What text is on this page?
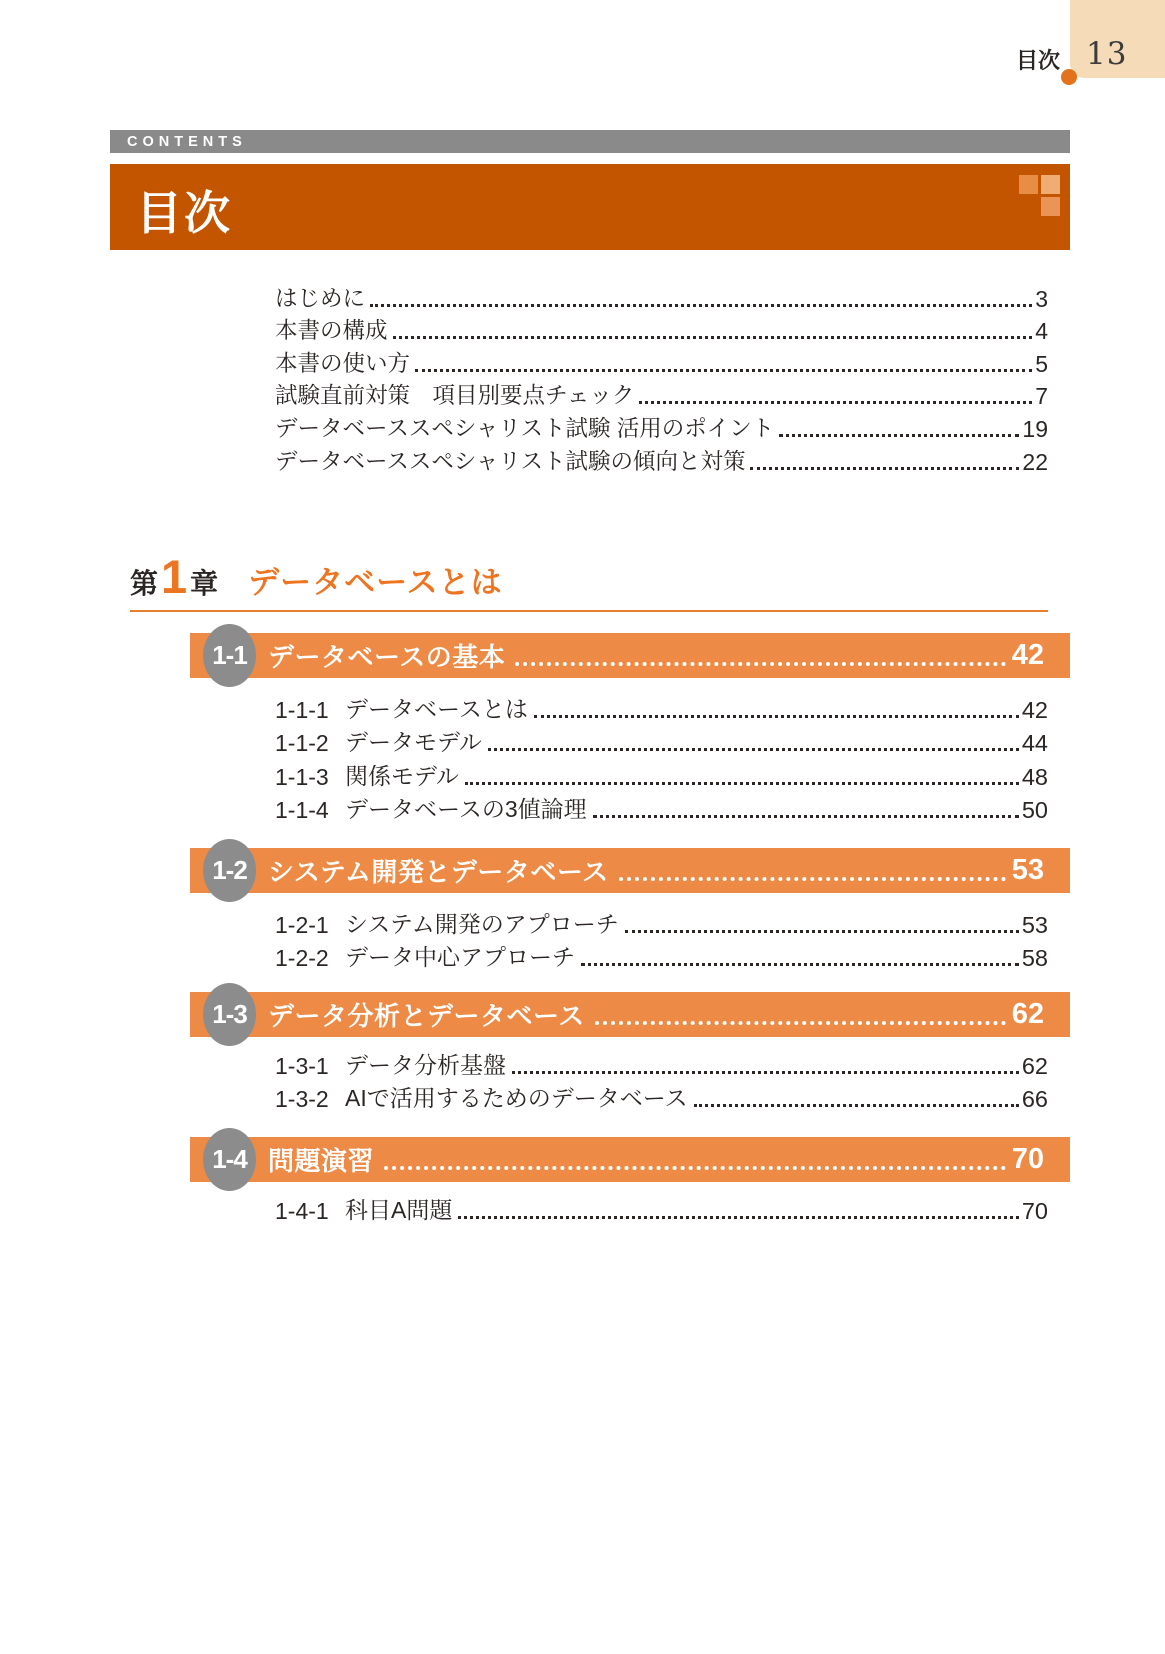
13
目次
CONTENTS
目次
はじめに	3
本書の構成	4
本書の使い方	5
試験直前対策　項目別要点チェック	7
データベーススペシャリスト試験 活用のポイント	19
データベーススペシャリスト試験の傾向と対策	22
第 1 章 データベースとは
1-1 データベースの基本	42
1-1-1 データベースとは	42
1-1-2 データモデル	44
1-1-3 関係モデル	48
1-1-4 データベースの3値論理	50
1-2 システム開発とデータベース	53
1-2-1 システム開発のアプローチ	53
1-2-2 データ中心アプローチ	58
1-3 データ分析とデータベース	62
1-3-1 データ分析基盤	62
1-3-2 AIで活用するためのデータベース	66
1-4 問題演習	70
1-4-1 科目A問題	70
